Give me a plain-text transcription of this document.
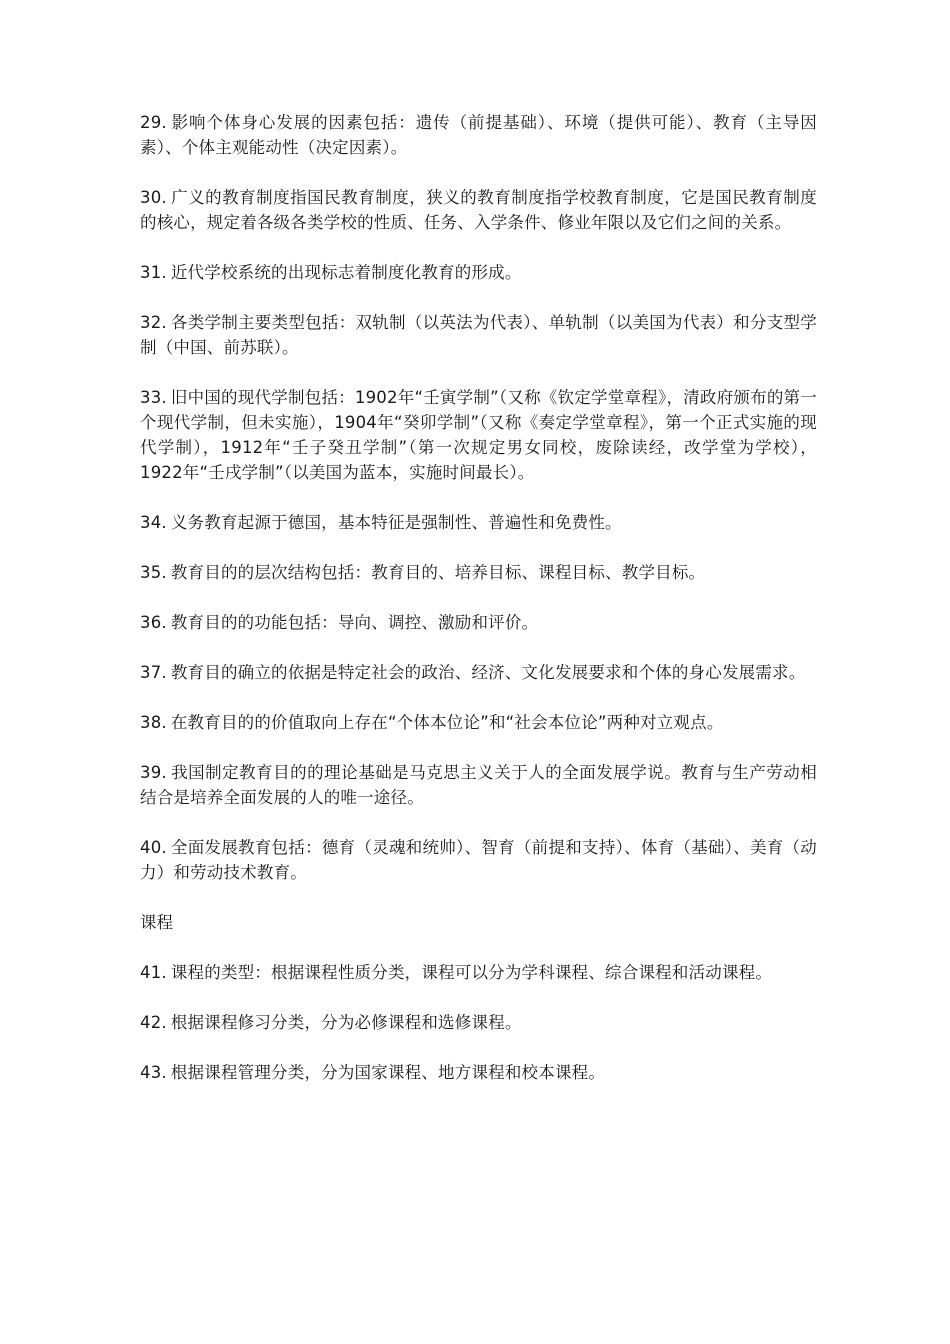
29. 影响个体身心发展的因素包括：遗传（前提基础）、环境（提供可能）、教育（主导因素）、个体主观能动性（决定因素）。

30. 广义的教育制度指国民教育制度，狭义的教育制度指学校教育制度，它是国民教育制度的核心，规定着各级各类学校的性质、任务、入学条件、修业年限以及它们之间的关系。

31. 近代学校系统的出现标志着制度化教育的形成。

32. 各类学制主要类型包括：双轨制（以英法为代表）、单轨制（以美国为代表）和分支型学制（中国、前苏联）。

33. 旧中国的现代学制包括：1902年“壬寅学制”（又称《钦定学堂章程》，清政府颁布的第一个现代学制，但未实施），1904年“癸卯学制”（又称《奏定学堂章程》，第一个正式实施的现代学制），1912年“壬子癸丑学制”（第一次规定男女同校，废除读经，改学堂为学校），1922年“壬戌学制”（以美国为蓝本，实施时间最长）。

34. 义务教育起源于德国，基本特征是强制性、普遍性和免费性。

35. 教育目的的层次结构包括：教育目的、培养目标、课程目标、教学目标。

36. 教育目的的功能包括：导向、调控、激励和评价。

37. 教育目的确立的依据是特定社会的政治、经济、文化发展要求和个体的身心发展需求。

38. 在教育目的的价值取向上存在“个体本位论”和“社会本位论”两种对立观点。

39. 我国制定教育目的的理论基础是马克思主义关于人的全面发展学说。教育与生产劳动相结合是培养全面发展的人的唯一途径。

40. 全面发展教育包括：德育（灵魂和统帅）、智育（前提和支持）、体育（基础）、美育（动力）和劳动技术教育。

课程

41. 课程的类型：根据课程性质分类，课程可以分为学科课程、综合课程和活动课程。

42. 根据课程修习分类，分为必修课程和选修课程。

43. 根据课程管理分类，分为国家课程、地方课程和校本课程。
